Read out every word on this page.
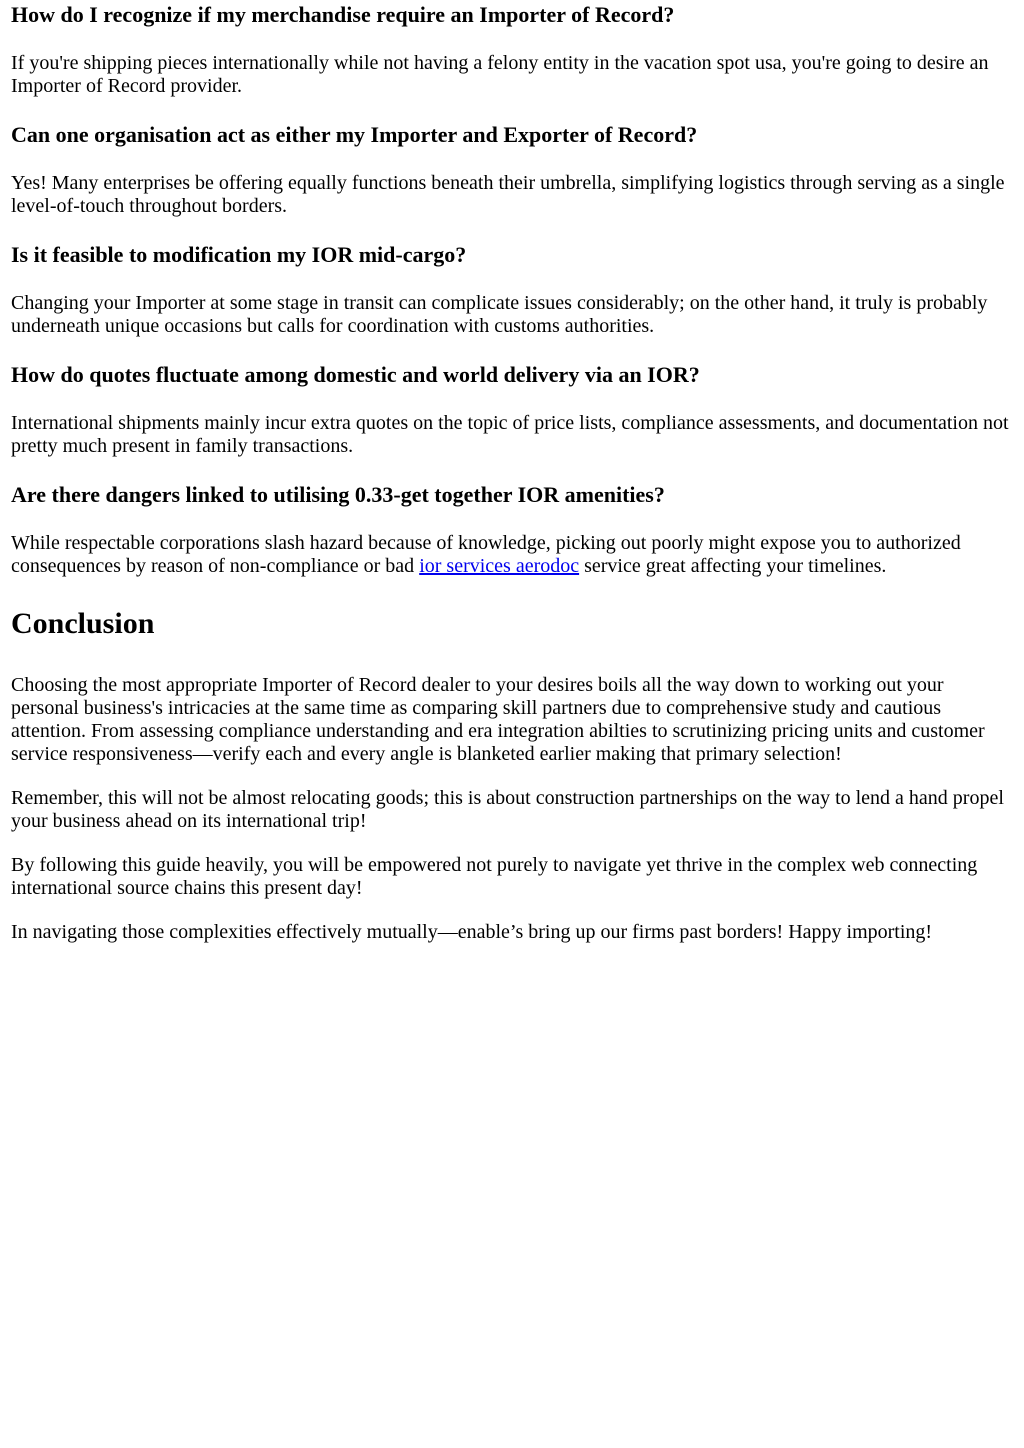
How do I recognize if my merchandise require an Importer of Record?

If you're shipping pieces internationally while not having a felony entity in the vacation spot usa, you're going to desire an Importer of Record provider.

Can one organisation act as either my Importer and Exporter of Record?

Yes! Many enterprises be offering equally functions beneath their umbrella, simplifying logistics through serving as a single level-of-touch throughout borders.

Is it feasible to modification my IOR mid-cargo?

Changing your Importer at some stage in transit can complicate issues considerably; on the other hand, it truly is probably underneath unique occasions but calls for coordination with customs authorities.

How do quotes fluctuate among domestic and world delivery via an IOR?

International shipments mainly incur extra quotes on the topic of price lists, compliance assessments, and documentation not pretty much present in family transactions.

Are there dangers linked to utilising 0.33-get together IOR amenities?

While respectable corporations slash hazard because of knowledge, picking out poorly might expose you to authorized consequences by reason of non-compliance or bad ior services aerodoc service great affecting your timelines.

Conclusion

Choosing the most appropriate Importer of Record dealer to your desires boils all the way down to working out your personal business's intricacies at the same time as comparing skill partners due to comprehensive study and cautious attention. From assessing compliance understanding and era integration abilties to scrutinizing pricing units and customer service responsiveness—verify each and every angle is blanketed earlier making that primary selection!

Remember, this will not be almost relocating goods; this is about construction partnerships on the way to lend a hand propel your business ahead on its international trip!

By following this guide heavily, you will be empowered not purely to navigate yet thrive in the complex web connecting international source chains this present day!

In navigating those complexities effectively mutually—enable’s bring up our firms past borders! Happy importing!
